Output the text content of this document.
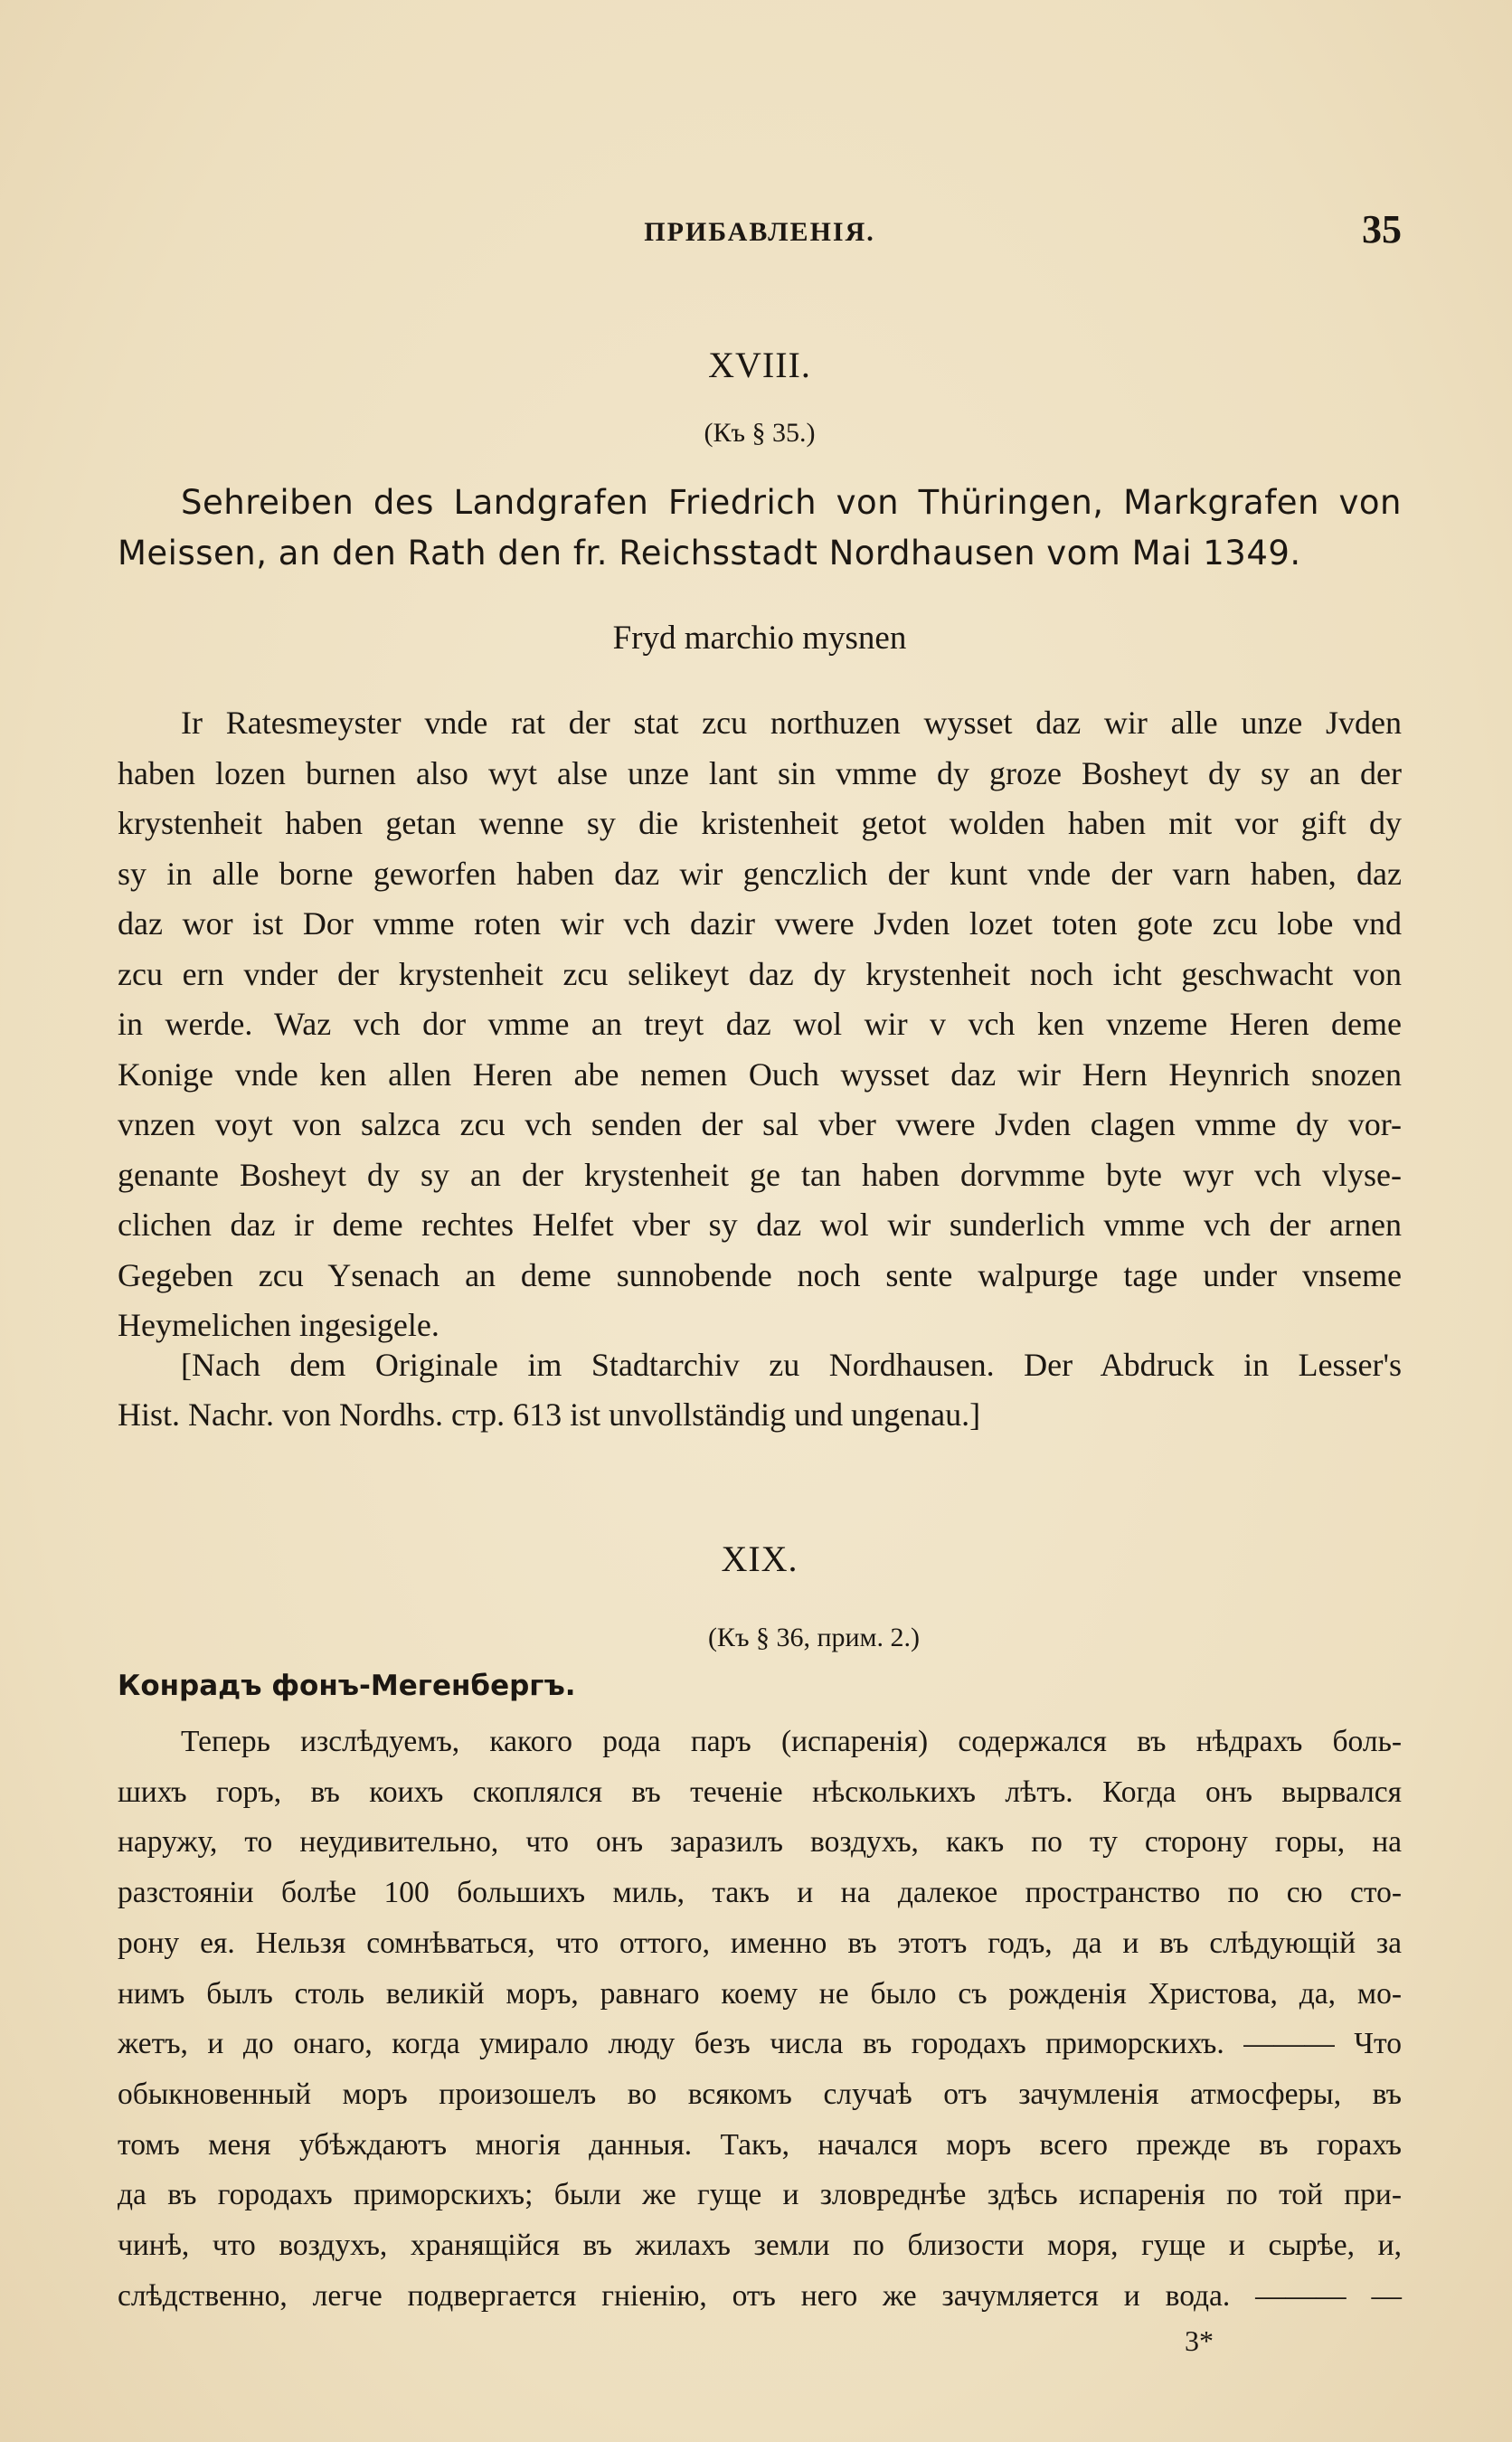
ПРИБАВЛЕНІЯ.	35
XVIII.
(Къ § 35.)
Sehreiben des Landgrafen Friedrich von Thüringen, Markgrafen von
Meissen, an den Rath den fr. Reichsstadt Nordhausen vom Mai 1349.
Fryd marchio mysnen
Ir Ratesmeyster vnde rat der stat zcu northuzen wysset daz wir alle unze Jvden
haben lozen burnen also wyt alse unze lant sin vmme dy groze Bosheyt dy sy an der
krystenheit haben getan wenne sy die kristenheit getot wolden haben mit vor gift dy
sy in alle borne geworfen haben daz wir genczlich der kunt vnde der varn haben, daz
daz wor ist Dor vmme roten wir vch dazir vwere Jvden lozet toten gote zcu lobe vnd
zcu ern vnder der krystenheit zcu selikeyt daz dy krystenheit noch icht geschwacht von
in werde. Waz vch dor vmme an treyt daz wol wir v vch ken vnzeme Heren deme
Konige vnde ken allen Heren abe nemen Ouch wysset daz wir Hern Heynrich snozen
vnzen voyt von salzca zcu vch senden der sal vber vwere Jvden clagen vmme dy vor-
genante Bosheyt dy sy an der krystenheit ge tan haben dorvmme byte wyr vch vlyse-
clichen daz ir deme rechtes Helfet vber sy daz wol wir sunderlich vmme vch der arnen
Gegeben zcu Ysenach an deme sunnobende noch sente walpurge tage under vnseme
Heymelichen ingesigele.
[Nach dem Originale im Stadtarchiv zu Nordhausen. Der Abdruck in Lesser's
Hist. Nachr. von Nordhs. стр. 613 ist unvollständig und ungenau.]
XIX.
(Къ § 36, прим. 2.)
Конрадъ фонъ-Мегенбергъ.
Теперь изслѣдуемъ, какого рода паръ (испаренія) содержался въ нѣдрахъ боль-
шихъ горъ, въ коихъ скоплялся въ теченіе нѣсколькихъ лѣтъ. Когда онъ вырвался
наружу, то неудивительно, что онъ заразилъ воздухъ, какъ по ту сторону горы, на
разстояніи болѣе 100 большихъ миль, такъ и на далекое пространство по сю сто-
рону ея. Нельзя сомнѣваться, что оттого, именно въ этотъ годъ, да и въ слѣдующій за
нимъ былъ столь великій моръ, равнаго коему не было съ рожденія Христова, да, мо-
жетъ, и до онаго, когда умирало люду безъ числа въ городахъ приморскихъ. ——— Что
обыкновенный моръ произошелъ во всякомъ случаѣ отъ зачумленія атмосферы, въ
томъ меня убѣждаютъ многія данныя. Такъ, начался моръ всего прежде въ горахъ
да въ городахъ приморскихъ; были же гуще и зловреднѣе здѣсь испаренія по той при-
чинѣ, что воздухъ, хранящійся въ жилахъ земли по близости моря, гуще и сырѣе, и,
слѣдственно, легче подвергается гніенію, отъ него же зачумляется и вода. ——— —
3*
